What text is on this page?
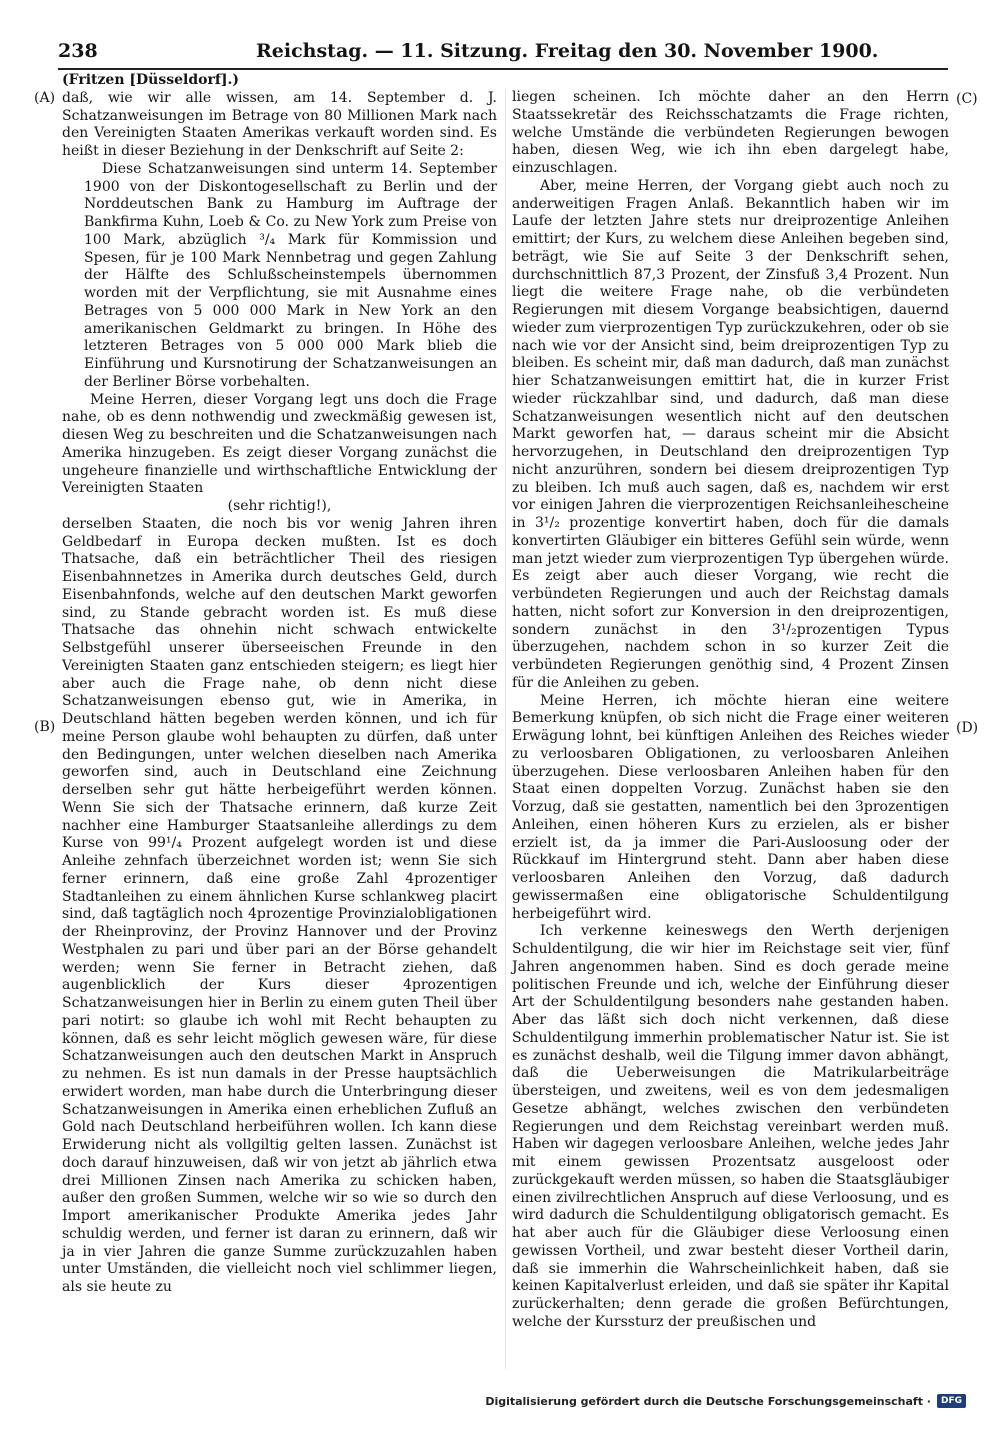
238	Reichstag. — 11. Sitzung. Freitag den 30. November 1900.
(A)
(B)
(C)
(D)

(Fritzen [Düsseldorf].)

daß, wie wir alle wissen, am 14. September d. J. Schatzanweisungen im Betrage von 80 Millionen Mark nach den Vereinigten Staaten Amerikas verkauft worden sind. Es heißt in dieser Beziehung in der Denkschrift auf Seite 2:

Diese Schatzanweisungen sind unterm 14. September 1900 von der Diskontogesellschaft zu Berlin und der Norddeutschen Bank zu Hamburg im Auftrage der Bankfirma Kuhn, Loeb & Co. zu New York zum Preise von 100 Mark, abzüglich ³/₄ Mark für Kommission und Spesen, für je 100 Mark Nennbetrag und gegen Zahlung der Hälfte des Schlußscheinstempels übernommen worden mit der Verpflichtung, sie mit Ausnahme eines Betrages von 5 000 000 Mark in New York an den amerikanischen Geldmarkt zu bringen. In Höhe des letzteren Betrages von 5 000 000 Mark blieb die Einführung und Kursnotirung der Schatzanweisungen an der Berliner Börse vorbehalten.

Meine Herren, dieser Vorgang legt uns doch die Frage nahe, ob es denn nothwendig und zweckmäßig gewesen ist, diesen Weg zu beschreiten und die Schatzanweisungen nach Amerika hinzugeben. Es zeigt dieser Vorgang zunächst die ungeheure finanzielle und wirthschaftliche Entwicklung der Vereinigten Staaten

(sehr richtig!),

derselben Staaten, die noch bis vor wenig Jahren ihren Geldbedarf in Europa decken mußten. Ist es doch Thatsache, daß ein beträchtlicher Theil des riesigen Eisenbahnnetzes in Amerika durch deutsches Geld, durch Eisenbahnfonds, welche auf den deutschen Markt geworfen sind, zu Stande gebracht worden ist. Es muß diese Thatsache das ohnehin nicht schwach entwickelte Selbstgefühl unserer überseeischen Freunde in den Vereinigten Staaten ganz entschieden steigern; es liegt hier aber auch die Frage nahe, ob denn nicht diese Schatzanweisungen ebenso gut, wie in Amerika, in Deutschland hätten begeben werden können, und ich für meine Person glaube wohl behaupten zu dürfen, daß unter den Bedingungen, unter welchen dieselben nach Amerika geworfen sind, auch in Deutschland eine Zeichnung derselben sehr gut hätte herbeigeführt werden können. Wenn Sie sich der Thatsache erinnern, daß kurze Zeit nachher eine Hamburger Staatsanleihe allerdings zu dem Kurse von 99¹/₄ Prozent aufgelegt worden ist und diese Anleihe zehnfach überzeichnet worden ist; wenn Sie sich ferner erinnern, daß eine große Zahl 4prozentiger Stadtanleihen zu einem ähnlichen Kurse schlankweg placirt sind, daß tagtäglich noch 4prozentige Provinzialobligationen der Rheinprovinz, der Provinz Hannover und der Provinz Westphalen zu pari und über pari an der Börse gehandelt werden; wenn Sie ferner in Betracht ziehen, daß augenblicklich der Kurs dieser 4prozentigen Schatzanweisungen hier in Berlin zu einem guten Theil über pari notirt: so glaube ich wohl mit Recht behaupten zu können, daß es sehr leicht möglich gewesen wäre, für diese Schatzanweisungen auch den deutschen Markt in Anspruch zu nehmen. Es ist nun damals in der Presse hauptsächlich erwidert worden, man habe durch die Unterbringung dieser Schatzanweisungen in Amerika einen erheblichen Zufluß an Gold nach Deutschland herbeiführen wollen. Ich kann diese Erwiderung nicht als vollgiltig gelten lassen. Zunächst ist doch darauf hinzuweisen, daß wir von jetzt ab jährlich etwa drei Millionen Zinsen nach Amerika zu schicken haben, außer den großen Summen, welche wir so wie so durch den Import amerikanischer Produkte Amerika jedes Jahr schuldig werden, und ferner ist daran zu erinnern, daß wir ja in vier Jahren die ganze Summe zurückzuzahlen haben unter Umständen, die vielleicht noch viel schlimmer liegen, als sie heute zu

liegen scheinen. Ich möchte daher an den Herrn Staatssekretär des Reichsschatzamts die Frage richten, welche Umstände die verbündeten Regierungen bewogen haben, diesen Weg, wie ich ihn eben dargelegt habe, einzuschlagen.

Aber, meine Herren, der Vorgang giebt auch noch zu anderweitigen Fragen Anlaß. Bekanntlich haben wir im Laufe der letzten Jahre stets nur dreiprozentige Anleihen emittirt; der Kurs, zu welchem diese Anleihen begeben sind, beträgt, wie Sie auf Seite 3 der Denkschrift sehen, durchschnittlich 87,3 Prozent, der Zinsfuß 3,4 Prozent. Nun liegt die weitere Frage nahe, ob die verbündeten Regierungen mit diesem Vorgange beabsichtigen, dauernd wieder zum vierprozentigen Typ zurückzukehren, oder ob sie nach wie vor der Ansicht sind, beim dreiprozentigen Typ zu bleiben. Es scheint mir, daß man dadurch, daß man zunächst hier Schatzanweisungen emittirt hat, die in kurzer Frist wieder rückzahlbar sind, und dadurch, daß man diese Schatzanweisungen wesentlich nicht auf den deutschen Markt geworfen hat, — daraus scheint mir die Absicht hervorzugehen, in Deutschland den dreiprozentigen Typ nicht anzurühren, sondern bei diesem dreiprozentigen Typ zu bleiben. Ich muß auch sagen, daß es, nachdem wir erst vor einigen Jahren die vierprozentigen Reichsanleihescheine in 3¹/₂ prozentige konvertirt haben, doch für die damals konvertirten Gläubiger ein bitteres Gefühl sein würde, wenn man jetzt wieder zum vierprozentigen Typ übergehen würde. Es zeigt aber auch dieser Vorgang, wie recht die verbündeten Regierungen und auch der Reichstag damals hatten, nicht sofort zur Konversion in den dreiprozentigen, sondern zunächst in den 3¹/₂prozentigen Typus überzugehen, nachdem schon in so kurzer Zeit die verbündeten Regierungen genöthig sind, 4 Prozent Zinsen für die Anleihen zu geben.

Meine Herren, ich möchte hieran eine weitere Bemerkung knüpfen, ob sich nicht die Frage einer weiteren Erwägung lohnt, bei künftigen Anleihen des Reiches wieder zu verloosbaren Obligationen, zu verloosbaren Anleihen überzugehen. Diese verloosbaren Anleihen haben für den Staat einen doppelten Vorzug. Zunächst haben sie den Vorzug, daß sie gestatten, namentlich bei den 3prozentigen Anleihen, einen höheren Kurs zu erzielen, als er bisher erzielt ist, da ja immer die Pari-Ausloosung oder der Rückkauf im Hintergrund steht. Dann aber haben diese verloosbaren Anleihen den Vorzug, daß dadurch gewissermaßen eine obligatorische Schuldentilgung herbeigeführt wird.

Ich verkenne keineswegs den Werth derjenigen Schuldentilgung, die wir hier im Reichstage seit vier, fünf Jahren angenommen haben. Sind es doch gerade meine politischen Freunde und ich, welche der Einführung dieser Art der Schuldentilgung besonders nahe gestanden haben. Aber das läßt sich doch nicht verkennen, daß diese Schuldentilgung immerhin problematischer Natur ist. Sie ist es zunächst deshalb, weil die Tilgung immer davon abhängt, daß die Ueberweisungen die Matrikularbeiträge übersteigen, und zweitens, weil es von dem jedesmaligen Gesetze abhängt, welches zwischen den verbündeten Regierungen und dem Reichstag vereinbart werden muß. Haben wir dagegen verloosbare Anleihen, welche jedes Jahr mit einem gewissen Prozentsatz ausgeloost oder zurückgekauft werden müssen, so haben die Staatsgläubiger einen zivilrechtlichen Anspruch auf diese Verloosung, und es wird dadurch die Schuldentilgung obligatorisch gemacht. Es hat aber auch für die Gläubiger diese Verloosung einen gewissen Vortheil, und zwar besteht dieser Vortheil darin, daß sie immerhin die Wahrscheinlichkeit haben, daß sie keinen Kapitalverlust erleiden, und daß sie später ihr Kapital zurückerhalten; denn gerade die großen Befürchtungen, welche der Kurssturz der preußischen und

Digitalisierung gefördert durch die Deutsche Forschungsgemeinschaft ·	DFG
